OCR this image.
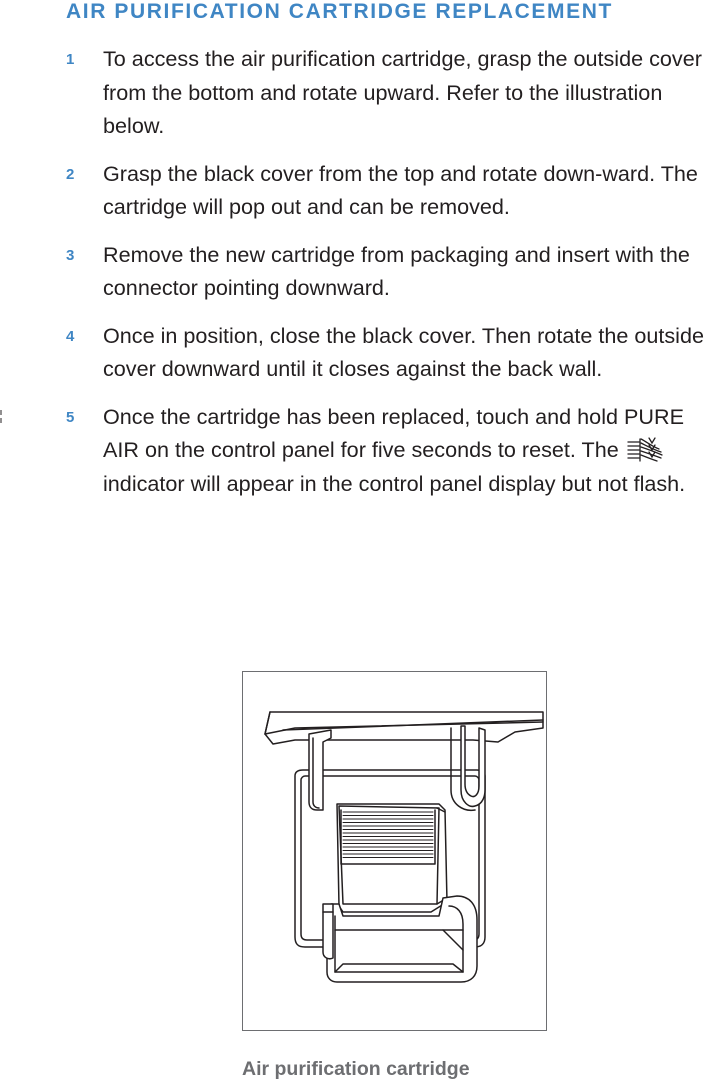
AIR PURIFICATION CARTRIDGE REPLACEMENT
1 To access the air purification cartridge, grasp the outside cover from the bottom and rotate upward. Refer to the illustration below.
2 Grasp the black cover from the top and rotate down-ward. The cartridge will pop out and can be removed.
3 Remove the new cartridge from packaging and insert with the connector pointing downward.
4 Once in position, close the black cover. Then rotate the outside cover downward until it closes against the back wall.
5 Once the cartridge has been replaced, touch and hold PURE AIR on the control panel for five seconds to reset. The indicator will appear in the control panel display but not flash.
Air purification cartridge
